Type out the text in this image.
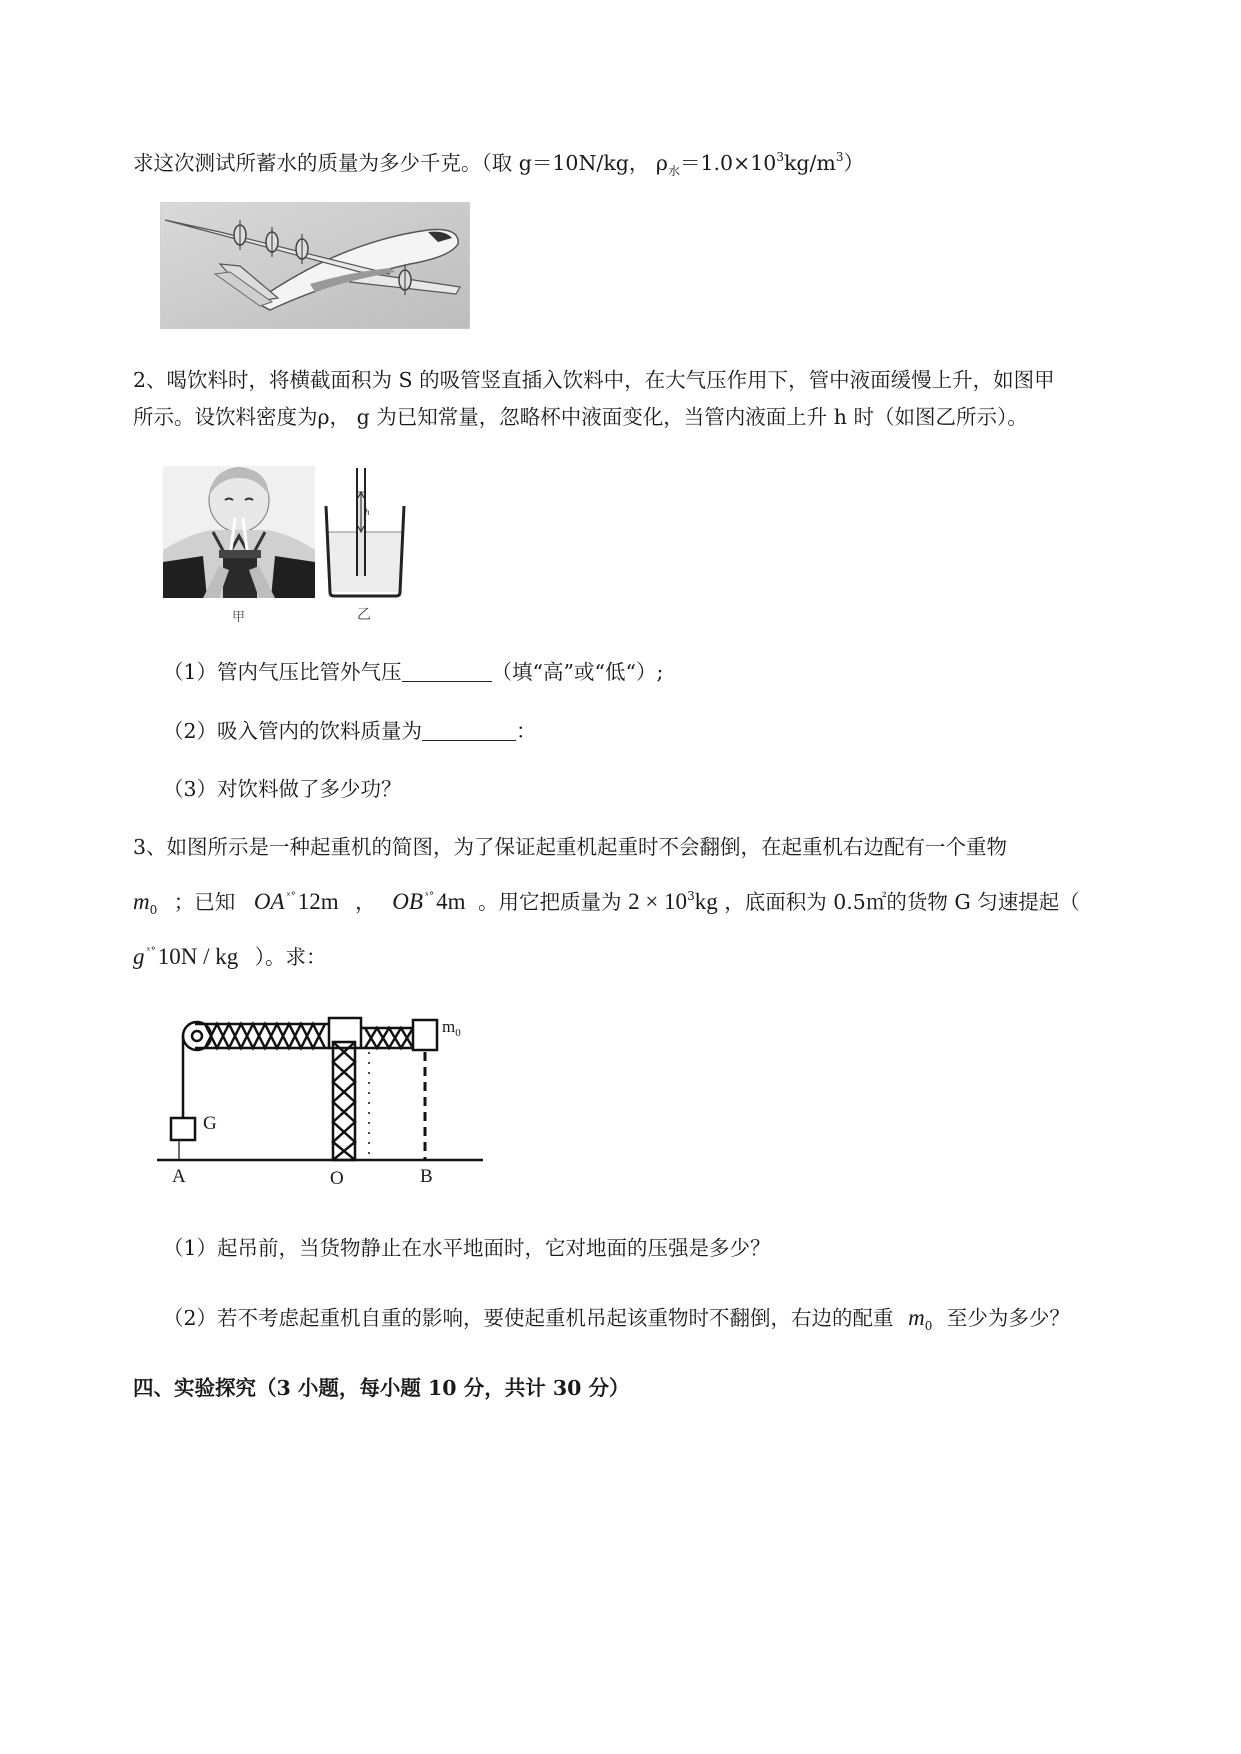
求这次测试所蓄水的质量为多少千克。（取 g＝10N/kg， $\rho_水=1.0\times 10^3kg/m^3$）
2、喝饮料时，将横截面积为 S 的吸管竖直插入饮料中，在大气压作用下，管中液面缓慢上升，如图甲
所示。设饮料密度为ρ， g 为已知常量，忽略杯中液面变化，当管内液面上升 h 时（如图乙所示）。
甲
h
乙
（1）管内气压比管外气压	（填“高”或“低“）;
（2）吸入管内的饮料质量为	：
（3）对饮料做了多少功？
3、如图所示是一种起重机的简图，为了保证起重机起重时不会翻倒，在起重机右边配有一个重物
$m_0$ ；已知 OA $^{ˣ^\circ}$12m ， OB $^{ˣ^\circ}$4m 。用它把质量为 $2 \times 10^3kg$ ，底面积为 0.5㎡的货物 G 匀速提起（
g $^{ˣ^\circ}$10N / kg ）。求：
$m_0$
G
A	O	B
（1）起吊前，当货物静止在水平地面时，它对地面的压强是多少？
（2）若不考虑起重机自重的影响，要使起重机吊起该重物时不翻倒，右边的配重 $m_0$ 至少为多少？
四、实验探究（3 小题，每小题 10 分，共计 30 分）
